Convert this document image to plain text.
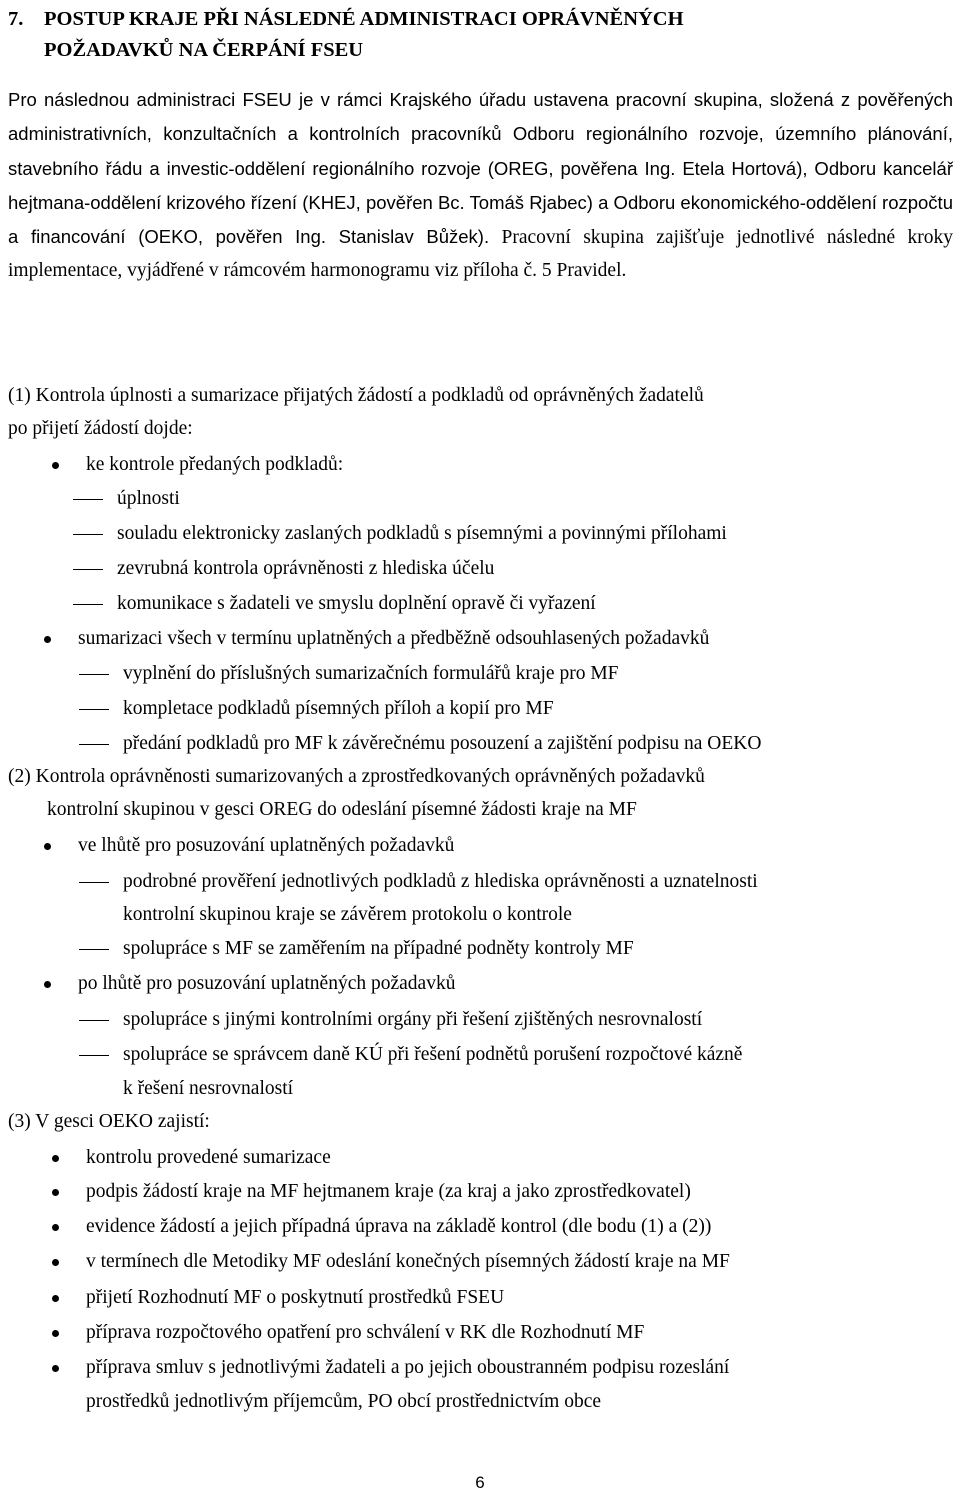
7. POSTUP KRAJE PŘI NÁSLEDNÉ ADMINISTRACI OPRÁVNĚNÝCH
POŽADAVKŮ NA ČERPÁNÍ FSEU
Pro následnou administraci FSEU je v rámci Krajského úřadu ustavena pracovní skupina, složená z pověřených administrativních, konzultačních a kontrolních pracovníků Odboru regionálního rozvoje, územního plánování, stavebního řádu a investic-oddělení regionálního rozvoje (OREG, pověřena Ing. Etela Hortová), Odboru kancelář hejtmana-oddělení krizového řízení (KHEJ, pověřen Bc. Tomáš Rjabec) a Odboru ekonomického-oddělení rozpočtu a financování (OEKO, pověřen Ing. Stanislav Bůžek). Pracovní skupina zajišťuje jednotlivé následné kroky implementace, vyjádřené v rámcovém harmonogramu viz příloha č. 5 Pravidel.
(1) Kontrola úplnosti a sumarizace přijatých žádostí a podkladů od oprávněných žadatelů
po přijetí žádostí dojde:
ke kontrole předaných podkladů:
úplnosti
souladu elektronicky zaslaných podkladů s písemnými a povinnými přílohami
zevrubná kontrola oprávněnosti z hlediska účelu
komunikace s žadateli ve smyslu doplnění opravě či vyřazení
sumarizaci všech v termínu uplatněných a předběžně odsouhlasených požadavků
vyplnění do příslušných sumarizačních formulářů kraje pro MF
kompletace podkladů písemných příloh a kopií pro MF
předání podkladů pro MF k závěrečnému posouzení a zajištění podpisu na OEKO
(2) Kontrola oprávněnosti sumarizovaných a zprostředkovaných oprávněných požadavků
kontrolní skupinou v gesci OREG do odeslání písemné žádosti kraje na MF
ve lhůtě pro posuzování uplatněných požadavků
podrobné prověření jednotlivých podkladů z hlediska oprávněnosti a uznatelnosti
kontrolní skupinou kraje se závěrem protokolu o kontrole
spolupráce s MF se zaměřením na případné podněty kontroly MF
po lhůtě pro posuzování uplatněných požadavků
spolupráce s jinými kontrolními orgány při řešení zjištěných nesrovnalostí
spolupráce se správcem daně KÚ při řešení podnětů porušení rozpočtové kázně
k řešení nesrovnalostí
(3) V gesci OEKO zajistí:
kontrolu provedené sumarizace
podpis žádostí kraje na MF hejtmanem kraje (za kraj a jako zprostředkovatel)
evidence žádostí a jejich případná úprava na základě kontrol (dle bodu (1) a (2))
v termínech dle Metodiky MF odeslání konečných písemných žádostí kraje na MF
přijetí Rozhodnutí MF o poskytnutí prostředků FSEU
příprava rozpočtového opatření pro schválení v RK dle Rozhodnutí MF
příprava smluv s jednotlivými žadateli a po jejich oboustranném podpisu rozeslání
prostředků jednotlivým příjemcům, PO obcí prostřednictvím obce
6
